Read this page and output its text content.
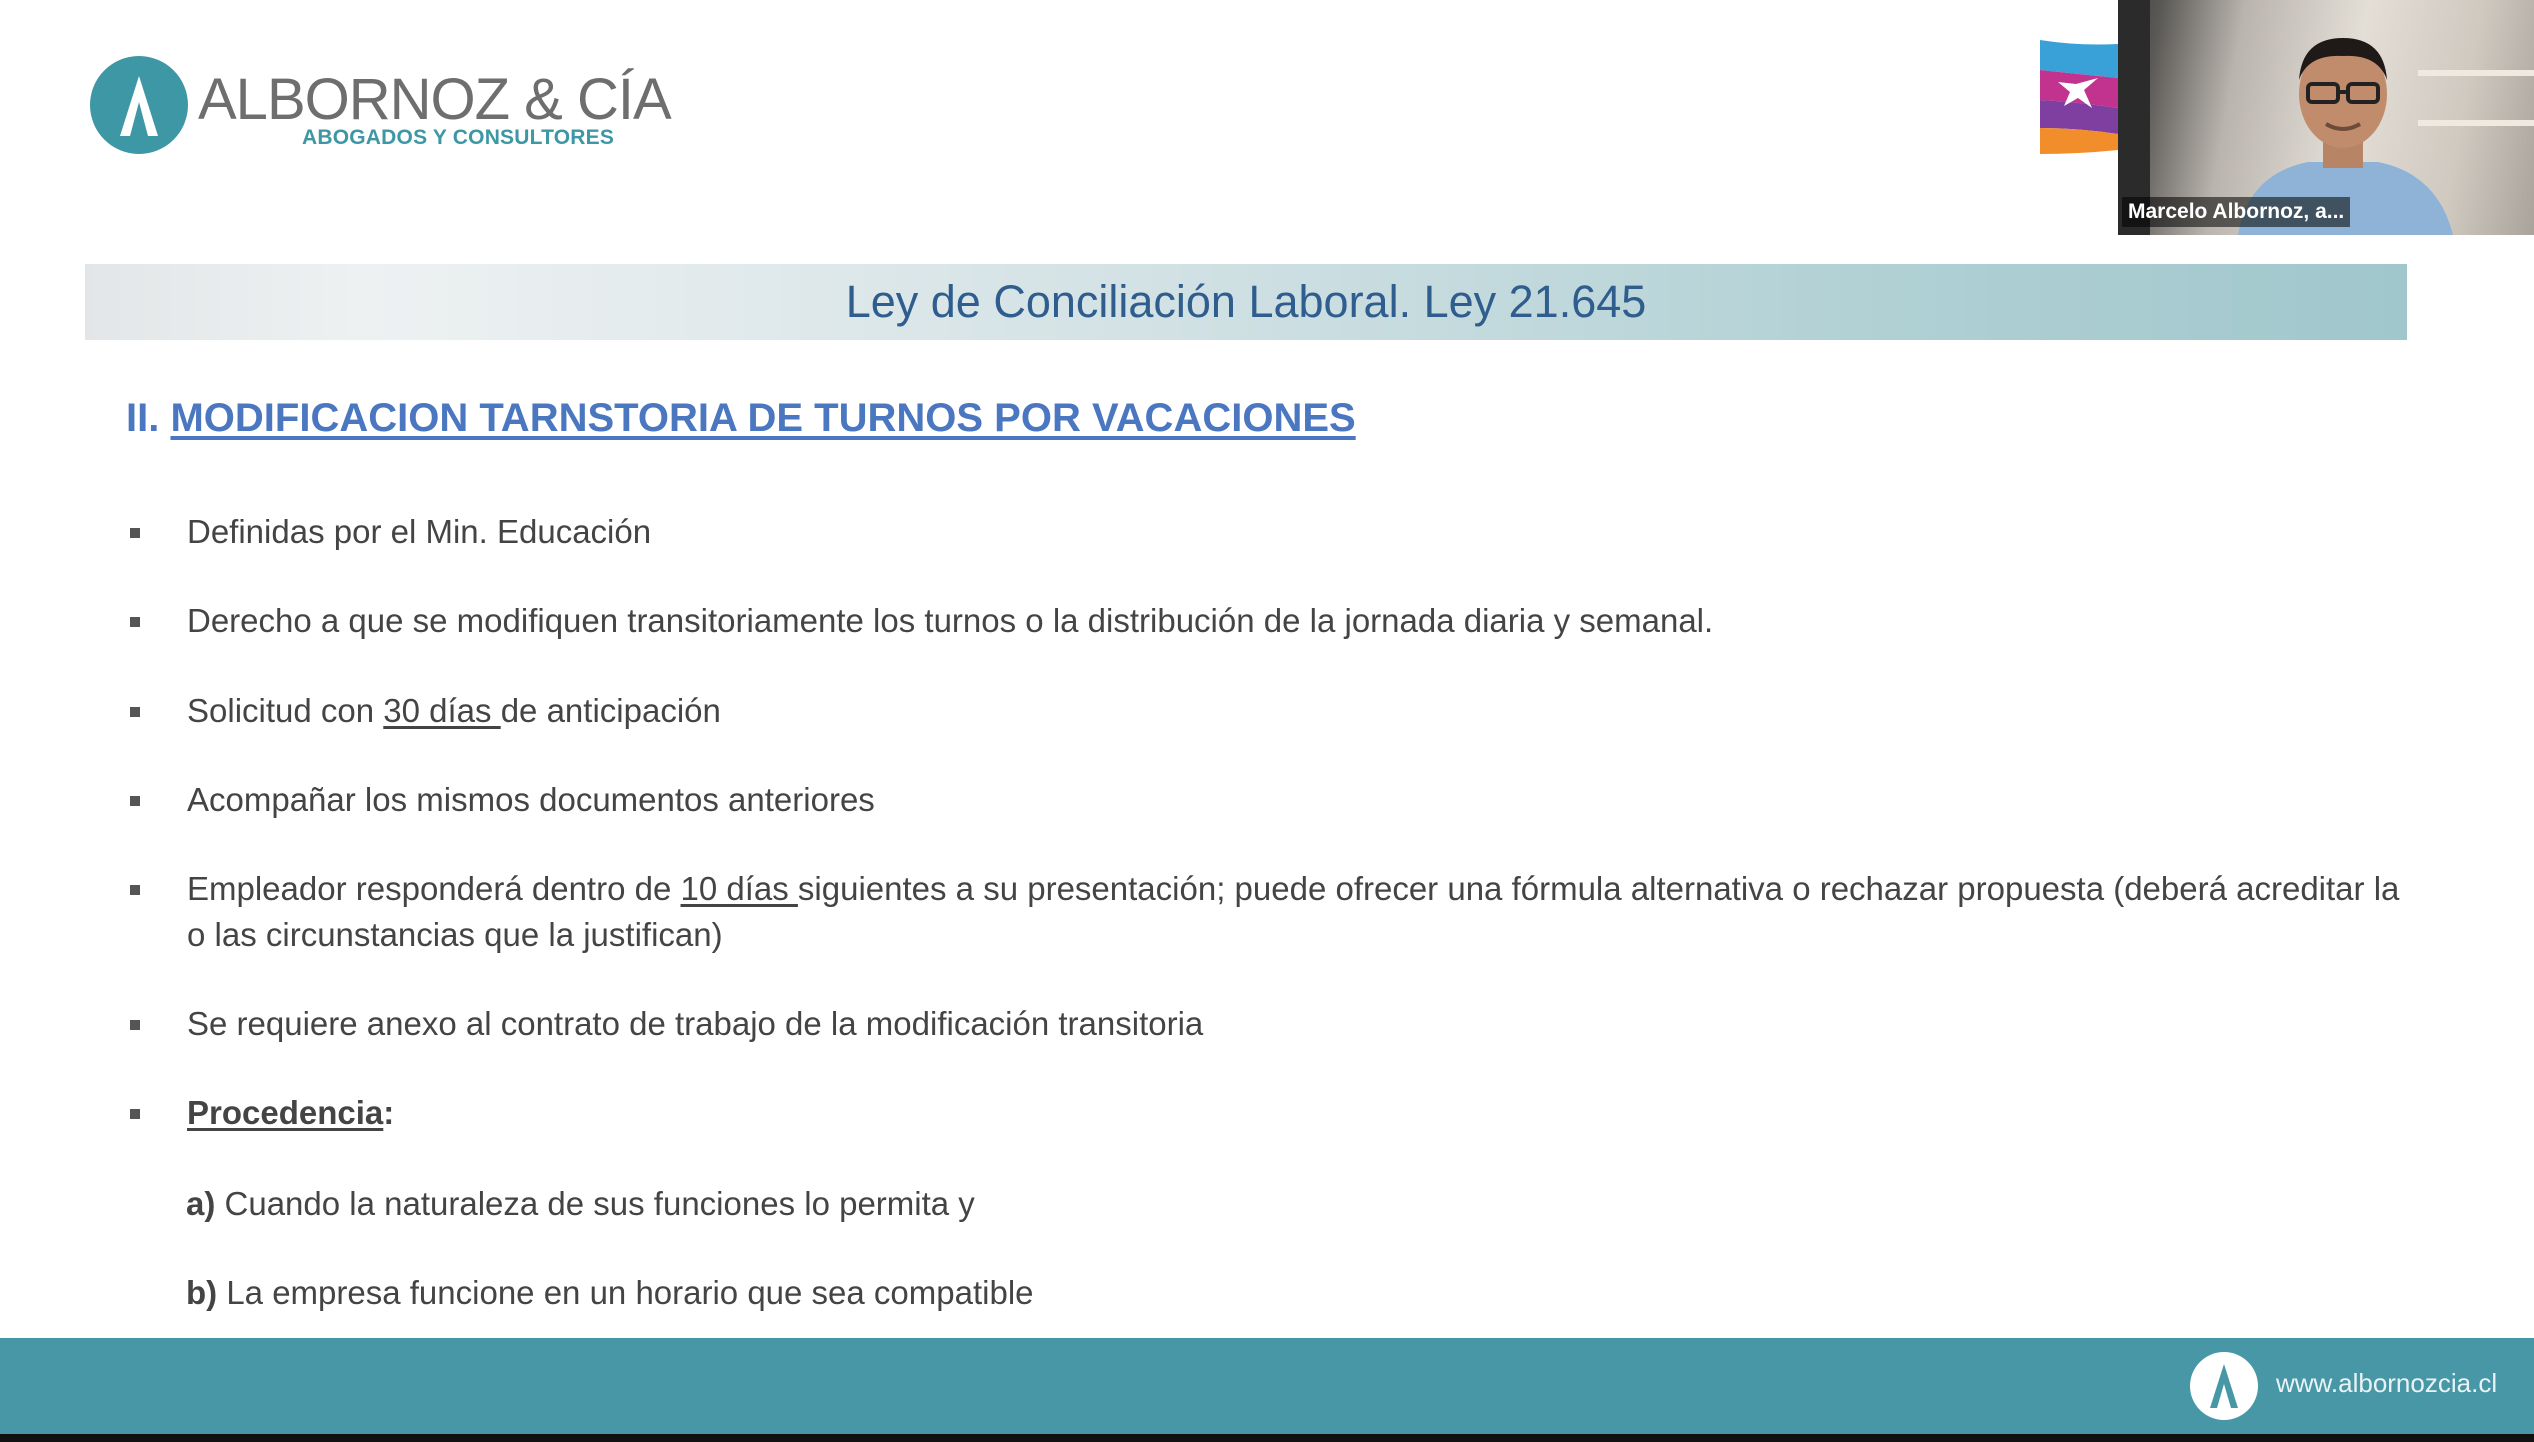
ALBORNOZ & CÍA
ABOGADOS Y CONSULTORES
Marcelo Albornoz, a...
Ley de Conciliación Laboral. Ley 21.645
II. MODIFICACION TARNSTORIA DE TURNOS POR VACACIONES
Definidas por el Min. Educación
Derecho a que se modifiquen transitoriamente los turnos o la distribución de la jornada diaria y semanal.
Solicitud con 30 días de anticipación
Acompañar los mismos documentos anteriores
Empleador responderá dentro de 10 días siguientes a su presentación; puede ofrecer una fórmula alternativa o rechazar propuesta (deberá acreditar la o las circunstancias que la justifican)
Se requiere anexo al contrato de trabajo de la modificación transitoria
Procedencia:
a) Cuando la naturaleza de sus funciones lo permita y
b) La empresa funcione en un horario que sea compatible
www.albornozcia.cl
